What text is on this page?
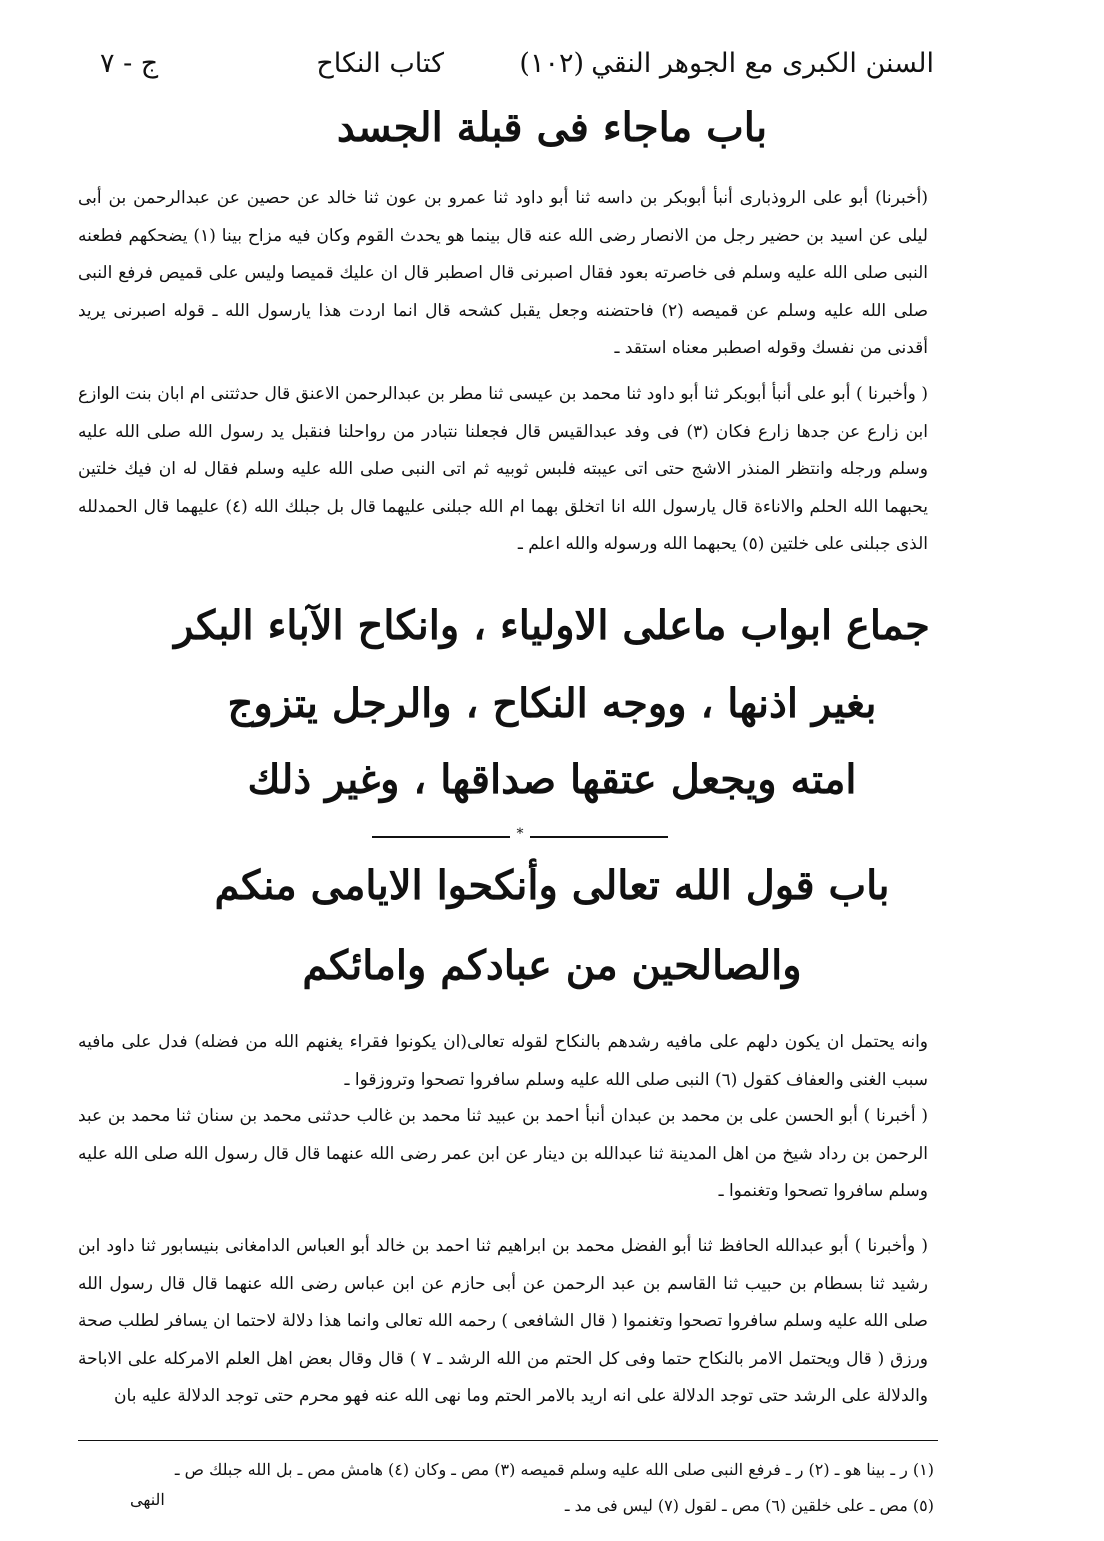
السنن الكبرى مع الجوهر النقي
(١٠٢)
كتاب النكاح
ج - ٧
باب ماجاء فى قبلة الجسد

(أخبرنا) أبو على الروذبارى أنبأ أبوبكر بن داسه ثنا أبو داود ثنا عمرو بن عون ثنا خالد عن حصين عن عبدالرحمن بن أبى ليلى عن اسيد بن حضير رجل من الانصار رضى الله عنه قال بينما هو يحدث القوم وكان فيه مزاح بينا (١) يضحكهم فطعنه النبى صلى الله عليه وسلم فى خاصرته بعود فقال اصبرنى قال اصطبر قال ان عليك قميصا وليس على قميص فرفع النبى صلى الله عليه وسلم عن قميصه (٢) فاحتضنه وجعل يقبل كشحه قال انما اردت هذا يارسول الله ـ قوله اصبرنى يريد أقدنى من نفسك وقوله اصطبر معناه استقد ـ

( وأخبرنا ) أبو على أنبأ أبوبكر ثنا أبو داود ثنا محمد بن عيسى ثنا مطر بن عبدالرحمن الاعنق قال حدثتنى ام ابان بنت الوازع ابن زارع عن جدها زارع فكان (٣) فى وفد عبدالقيس قال فجعلنا نتبادر من رواحلنا فنقبل يد رسول الله صلى الله عليه وسلم ورجله وانتظر المنذر الاشج حتى اتى عيبته فلبس ثوبيه ثم اتى النبى صلى الله عليه وسلم فقال له ان فيك خلتين يحبهما الله الحلم والاناءة قال يارسول الله انا اتخلق بهما ام الله جبلنى عليهما قال بل جبلك الله (٤) عليهما قال الحمدلله الذى جبلنى على خلتين (٥) يحبهما الله ورسوله والله اعلم ـ

جماع ابواب ماعلى الاولياء ، وانكاح الآباء البكر
بغير اذنها ، ووجه النكاح ، والرجل يتزوج
امته ويجعل عتقها صداقها ، وغير ذلك
*
باب قول الله تعالى وأنكحوا الايامى منكم
والصالحين من عبادكم وامائكم

وانه يحتمل ان يكون دلهم على مافيه رشدهم بالنكاح لقوله تعالى(ان يكونوا فقراء يغنهم الله من فضله) فدل على مافيه سبب الغنى والعفاف كقول (٦) النبى صلى الله عليه وسلم سافروا تصحوا وتروزقوا ـ

( أخبرنا ) أبو الحسن على بن محمد بن عبدان أنبأ احمد بن عبيد ثنا محمد بن غالب حدثنى محمد بن سنان ثنا محمد بن عبد الرحمن بن رداد شيخ من اهل المدينة ثنا عبدالله بن دينار عن ابن عمر رضى الله عنهما قال قال رسول الله صلى الله عليه وسلم سافروا تصحوا وتغنموا ـ

( وأخبرنا ) أبو عبدالله الحافظ ثنا أبو الفضل محمد بن ابراهيم ثنا احمد بن خالد أبو العباس الدامغانى بنيسابور ثنا داود ابن رشيد ثنا بسطام بن حبيب ثنا القاسم بن عبد الرحمن عن أبى حازم عن ابن عباس رضى الله عنهما قال قال رسول الله صلى الله عليه وسلم سافروا تصحوا وتغنموا ( قال الشافعى ) رحمه الله تعالى وانما هذا دلالة لاحتما ان يسافر لطلب صحة ورزق ( قال ويحتمل الامر بالنكاح حتما وفى كل الحتم من الله الرشد ـ ٧ ) قال وقال بعض اهل العلم الامركله على الاباحة والدلالة على الرشد حتى توجد الدلالة على انه اريد بالامر الحتم وما نهى الله عنه فهو محرم حتى توجد الدلالة عليه بان

(١) ر ـ بينا هو ـ (٢) ر ـ فرفع النبى صلى الله عليه وسلم قميصه (٣) مص ـ وكان (٤) هامش مص ـ بل الله جبلك ص ـ

(٥) مص ـ على خلقين (٦) مص ـ لقول (٧) ليس فى مد ـ

النهى
